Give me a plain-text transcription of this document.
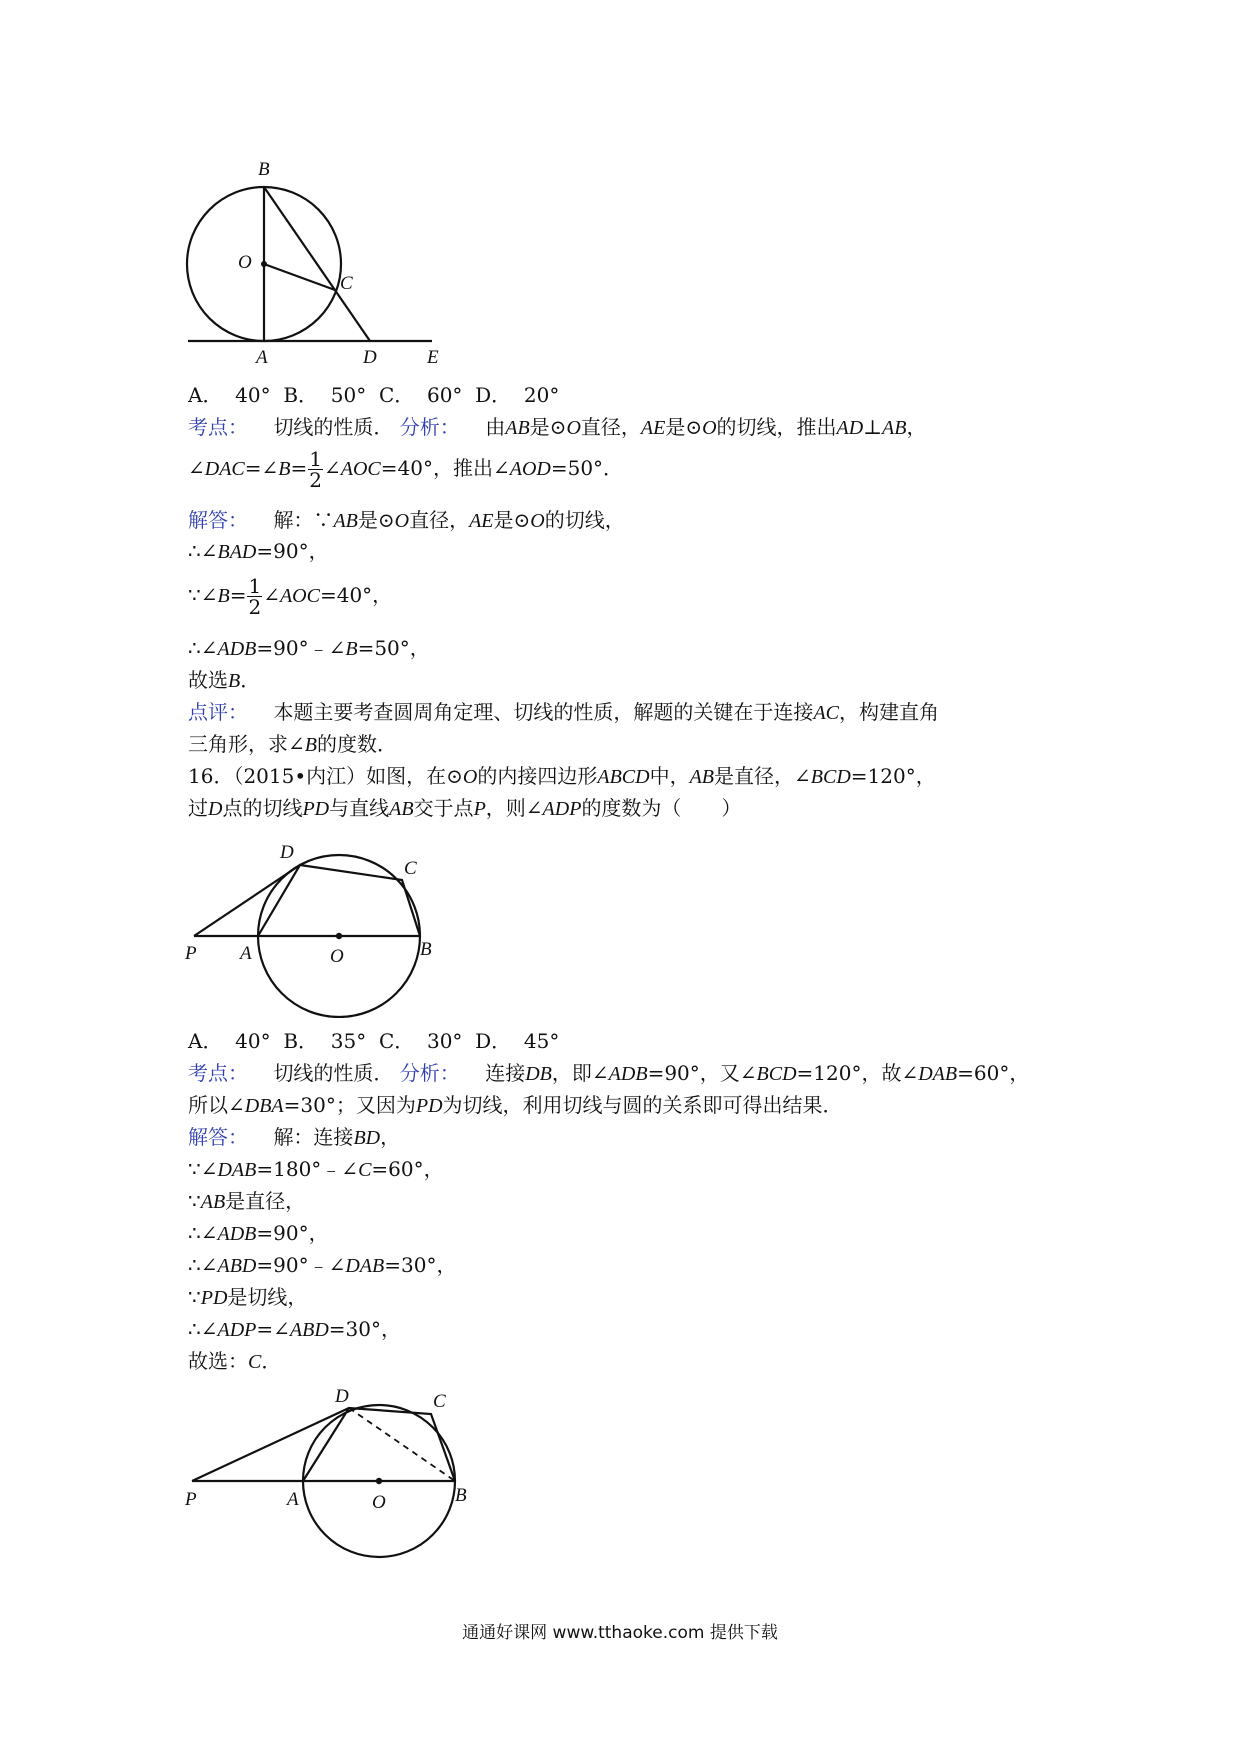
B
O
C
A	D	E
A． 40° B． 50° C． 60° D． 20°
考点： 切线的性质． 分析： 由AB是⊙O直径，AE是⊙O的切线，推出AD⊥AB，
∠DAC=∠B= $\frac{1}{2}$ ∠AOC=40°，推出∠AOD=50°．
解答： 解：∵AB是⊙O直径，AE是⊙O的切线，
∴∠BAD=90°，
∵∠B= $\frac{1}{2}$ ∠AOC=40°，
∴∠ADB=90°﹣∠B=50°，
故选B．
点评： 本题主要考查圆周角定理、切线的性质，解题的关键在于连接AC，构建直角
三角形，求∠B的度数．
16．（2015•内江）如图，在⊙O的内接四边形ABCD中，AB是直径，∠BCD=120°，
过D点的切线PD与直线AB交于点P，则∠ADP的度数为（　　）
D
C
P A	O	B
A． 40° B． 35° C． 30° D． 45°
考点： 切线的性质． 分析： 连接DB，即∠ADB=90°，又∠BCD=120°，故∠DAB=60°，
所以∠DBA=30°；又因为PD为切线，利用切线与圆的关系即可得出结果．
解答： 解：连接BD，
∵∠DAB=180°﹣∠C=60°，
∵AB是直径，
∴∠ADB=90°，
∴∠ABD=90°﹣∠DAB=30°，
∵PD是切线，
∴∠ADP=∠ABD=30°，
故选：C．
D	C
P	A	O	B
通通好课网 www.tthaoke.com 提供下载
